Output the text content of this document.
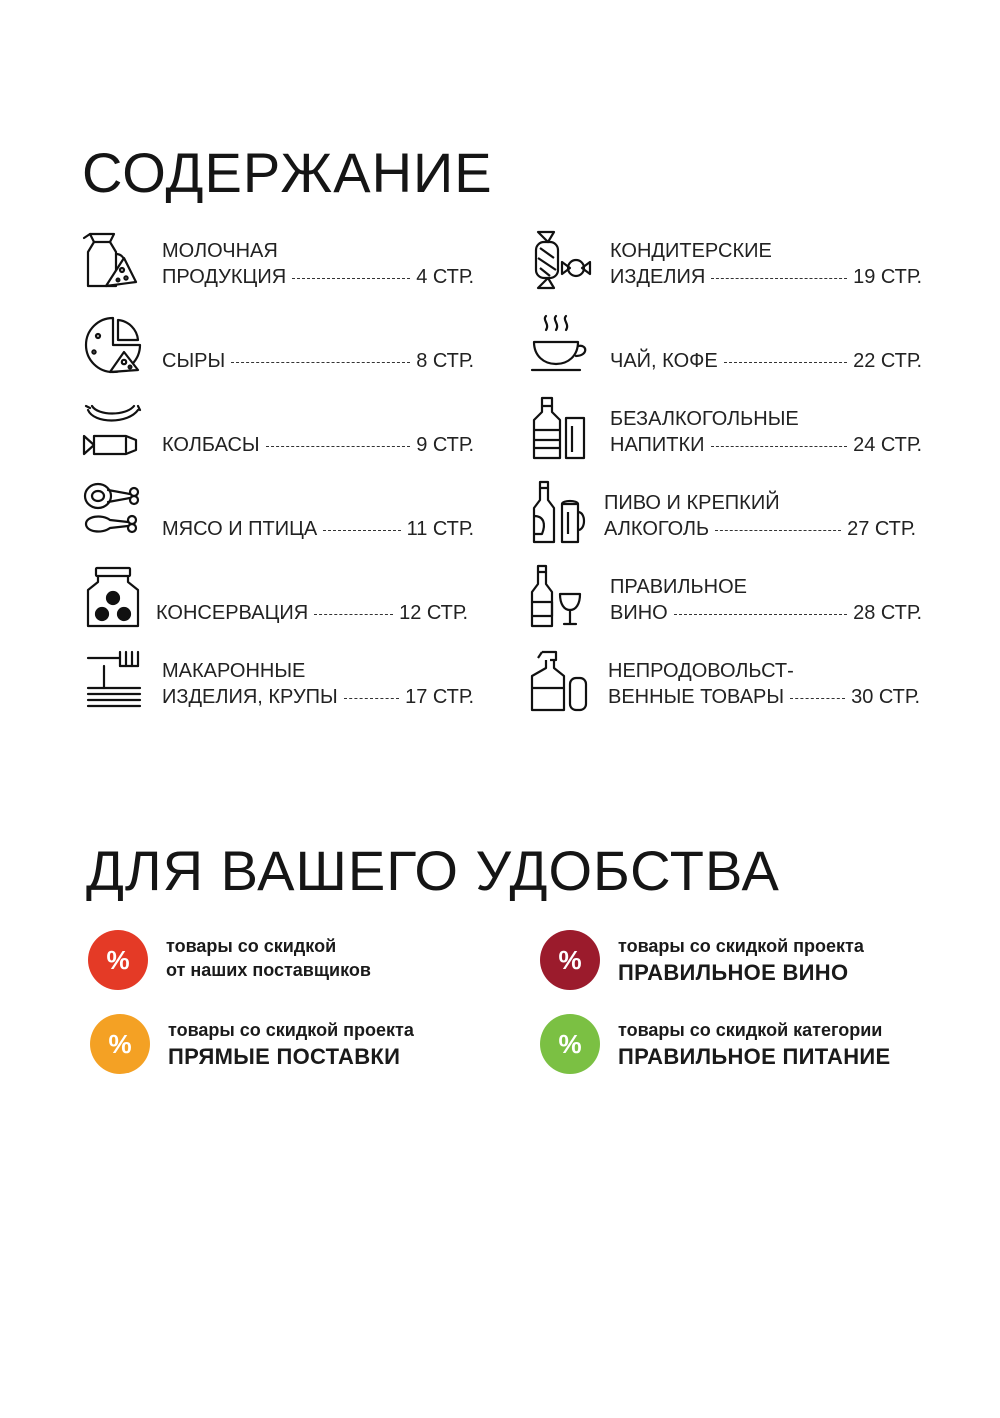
СОДЕРЖАНИЕ
МОЛОЧНАЯ
ПРОДУКЦИЯ	4 СТР.
СЫРЫ	8 СТР.
КОЛБАСЫ	9 СТР.
МЯСО И ПТИЦА	11 СТР.
КОНСЕРВАЦИЯ	12 СТР.
МАКАРОННЫЕ
ИЗДЕЛИЯ, КРУПЫ	17 СТР.
КОНДИТЕРСКИЕ
ИЗДЕЛИЯ	19 СТР.
ЧАЙ, КОФЕ	22 СТР.
БЕЗАЛКОГОЛЬНЫЕ
НАПИТКИ	24 СТР.
ПИВО И КРЕПКИЙ
АЛКОГОЛЬ	27 СТР.
ПРАВИЛЬНОЕ
ВИНО	28 СТР.
НЕПРОДОВОЛЬСТ-
ВЕННЫЕ ТОВАРЫ	30 СТР.
ДЛЯ ВАШЕГО УДОБСТВА
%	товары со скидкой
от наших поставщиков	%	товары со скидкой проекта
ПРАВИЛЬНОЕ ВИНО
%	товары со скидкой проекта
ПРЯМЫЕ ПОСТАВКИ	%	товары со скидкой категории
ПРАВИЛЬНОЕ ПИТАНИЕ
